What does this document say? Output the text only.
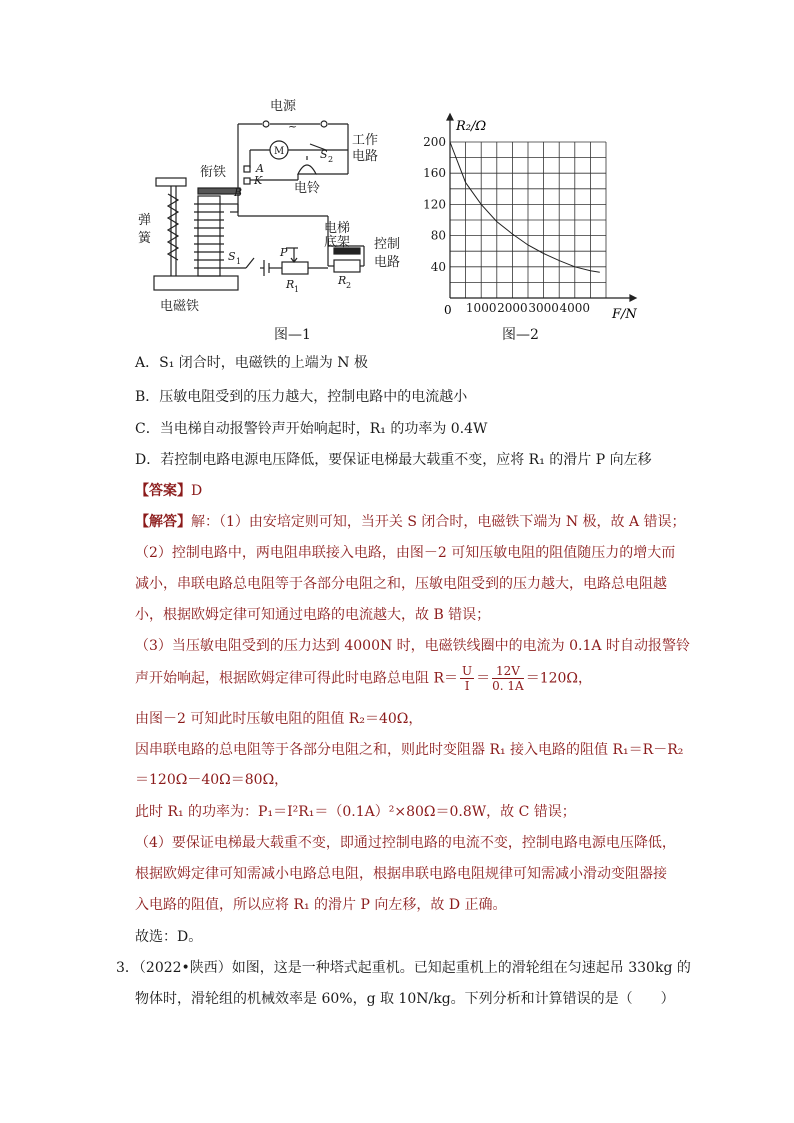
电源
~
工作
电路
M
衔铁	A
K
B
S 2
电铃
弹
簧
电磁铁
电梯
底架 控制
电路
S 1
P
R 1
R 2
图—1
1000 2000 3000 4000
40
80
120
160
200
0
R₂/Ω
F/N
图—2
A．S₁ 闭合时，电磁铁的上端为 N 极
B．压敏电阻受到的压力越大，控制电路中的电流越小
C．当电梯自动报警铃声开始响起时，R₁ 的功率为 0.4W
D．若控制电路电源电压降低，要保证电梯最大载重不变，应将 R₁ 的滑片 P 向左移
【答案】D
【解答】解：（1）由安培定则可知，当开关 S 闭合时，电磁铁下端为 N 极，故 A 错误；
（2）控制电路中，两电阻串联接入电路，由图－2 可知压敏电阻的阻值随压力的增大而
减小，串联电路总电阻等于各部分电阻之和，压敏电阻受到的压力越大，电路总电阻越
小，根据欧姆定律可知通过电路的电流越大，故 B 错误；
（3）当压敏电阻受到的压力达到 4000N 时，电磁铁线圈中的电流为 0.1A 时自动报警铃
声开始响起，根据欧姆定律可得此时电路总电阻 $R= \frac{U}{I} = \frac{12V}{0. 1A} =120\Omega$，
由图－2 可知此时压敏电阻的阻值 R₂＝40Ω，
因串联电路的总电阻等于各部分电阻之和，则此时变阻器 R₁ 接入电路的阻值 R₁＝R－R₂
＝120Ω－40Ω＝80Ω，
此时 R₁ 的功率为：P₁＝I²R₁＝（0.1A）²×80Ω＝0.8W，故 C 错误；
（4）要保证电梯最大载重不变，即通过控制电路的电流不变，控制电路电源电压降低，
根据欧姆定律可知需减小电路总电阻，根据串联电路电阻规律可知需减小滑动变阻器接
入电路的阻值，所以应将 R₁ 的滑片 P 向左移，故 D 正确。
故选：D。
3．（2022•陕西）如图，这是一种塔式起重机。已知起重机上的滑轮组在匀速起吊 330kg 的
物体时，滑轮组的机械效率是 60%，g 取 10N/kg。下列分析和计算错误的是（　　）
